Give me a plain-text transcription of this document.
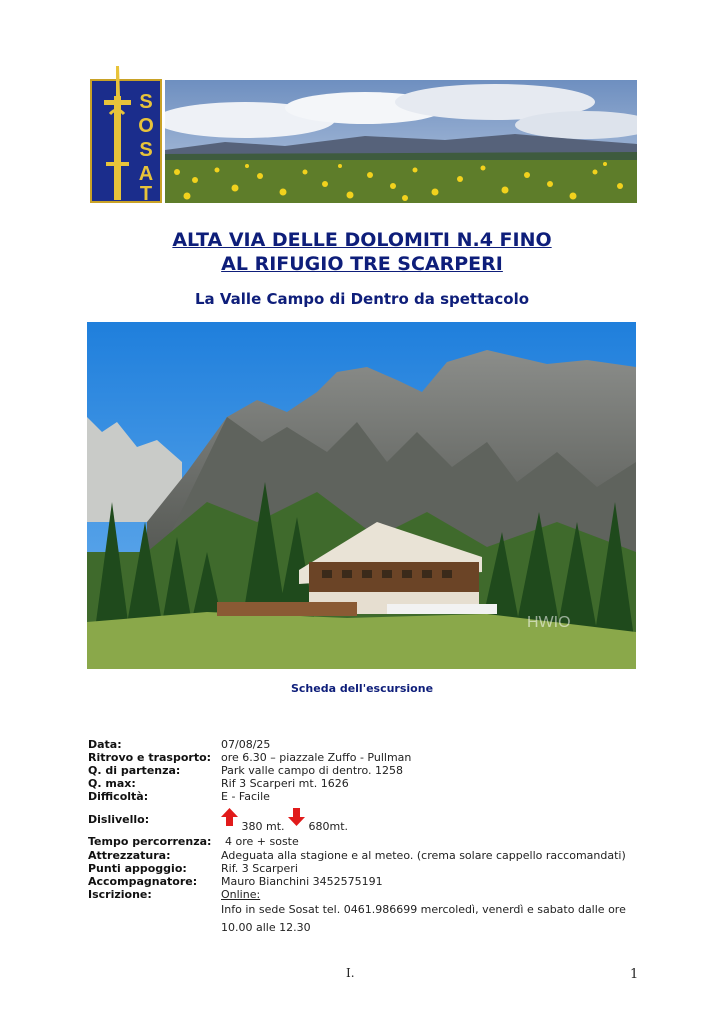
S
O
S
A
T
ALTA VIA DELLE DOLOMITI N.4 FINO
AL RIFUGIO TRE SCARPERI
La Valle Campo di Dentro da spettacolo
HWIO
Scheda dell'escursione
Data:	07/08/25
Ritrovo e trasporto: ore 6.30 – piazzale Zuffo - Pullman
Q. di partenza:	Park valle campo di dentro. 1258
Q. max:	Rif 3 Scarperi mt. 1626
Difficoltà:	E - Facile
Dislivello:
380 mt. 680mt.
Tempo percorrenza: 4 ore + soste
Attrezzatura:	Adeguata alla stagione e al meteo. (crema solare cappello raccomandati)
Punti appoggio:	Rif. 3 Scarperi
Accompagnatore: Mauro Bianchini 3452575191
Iscrizione:	Online:
Info in sede Sosat tel. 0461.986699 mercoledì, venerdì e sabato dalle ore 10.00 alle 12.30
I.	1
